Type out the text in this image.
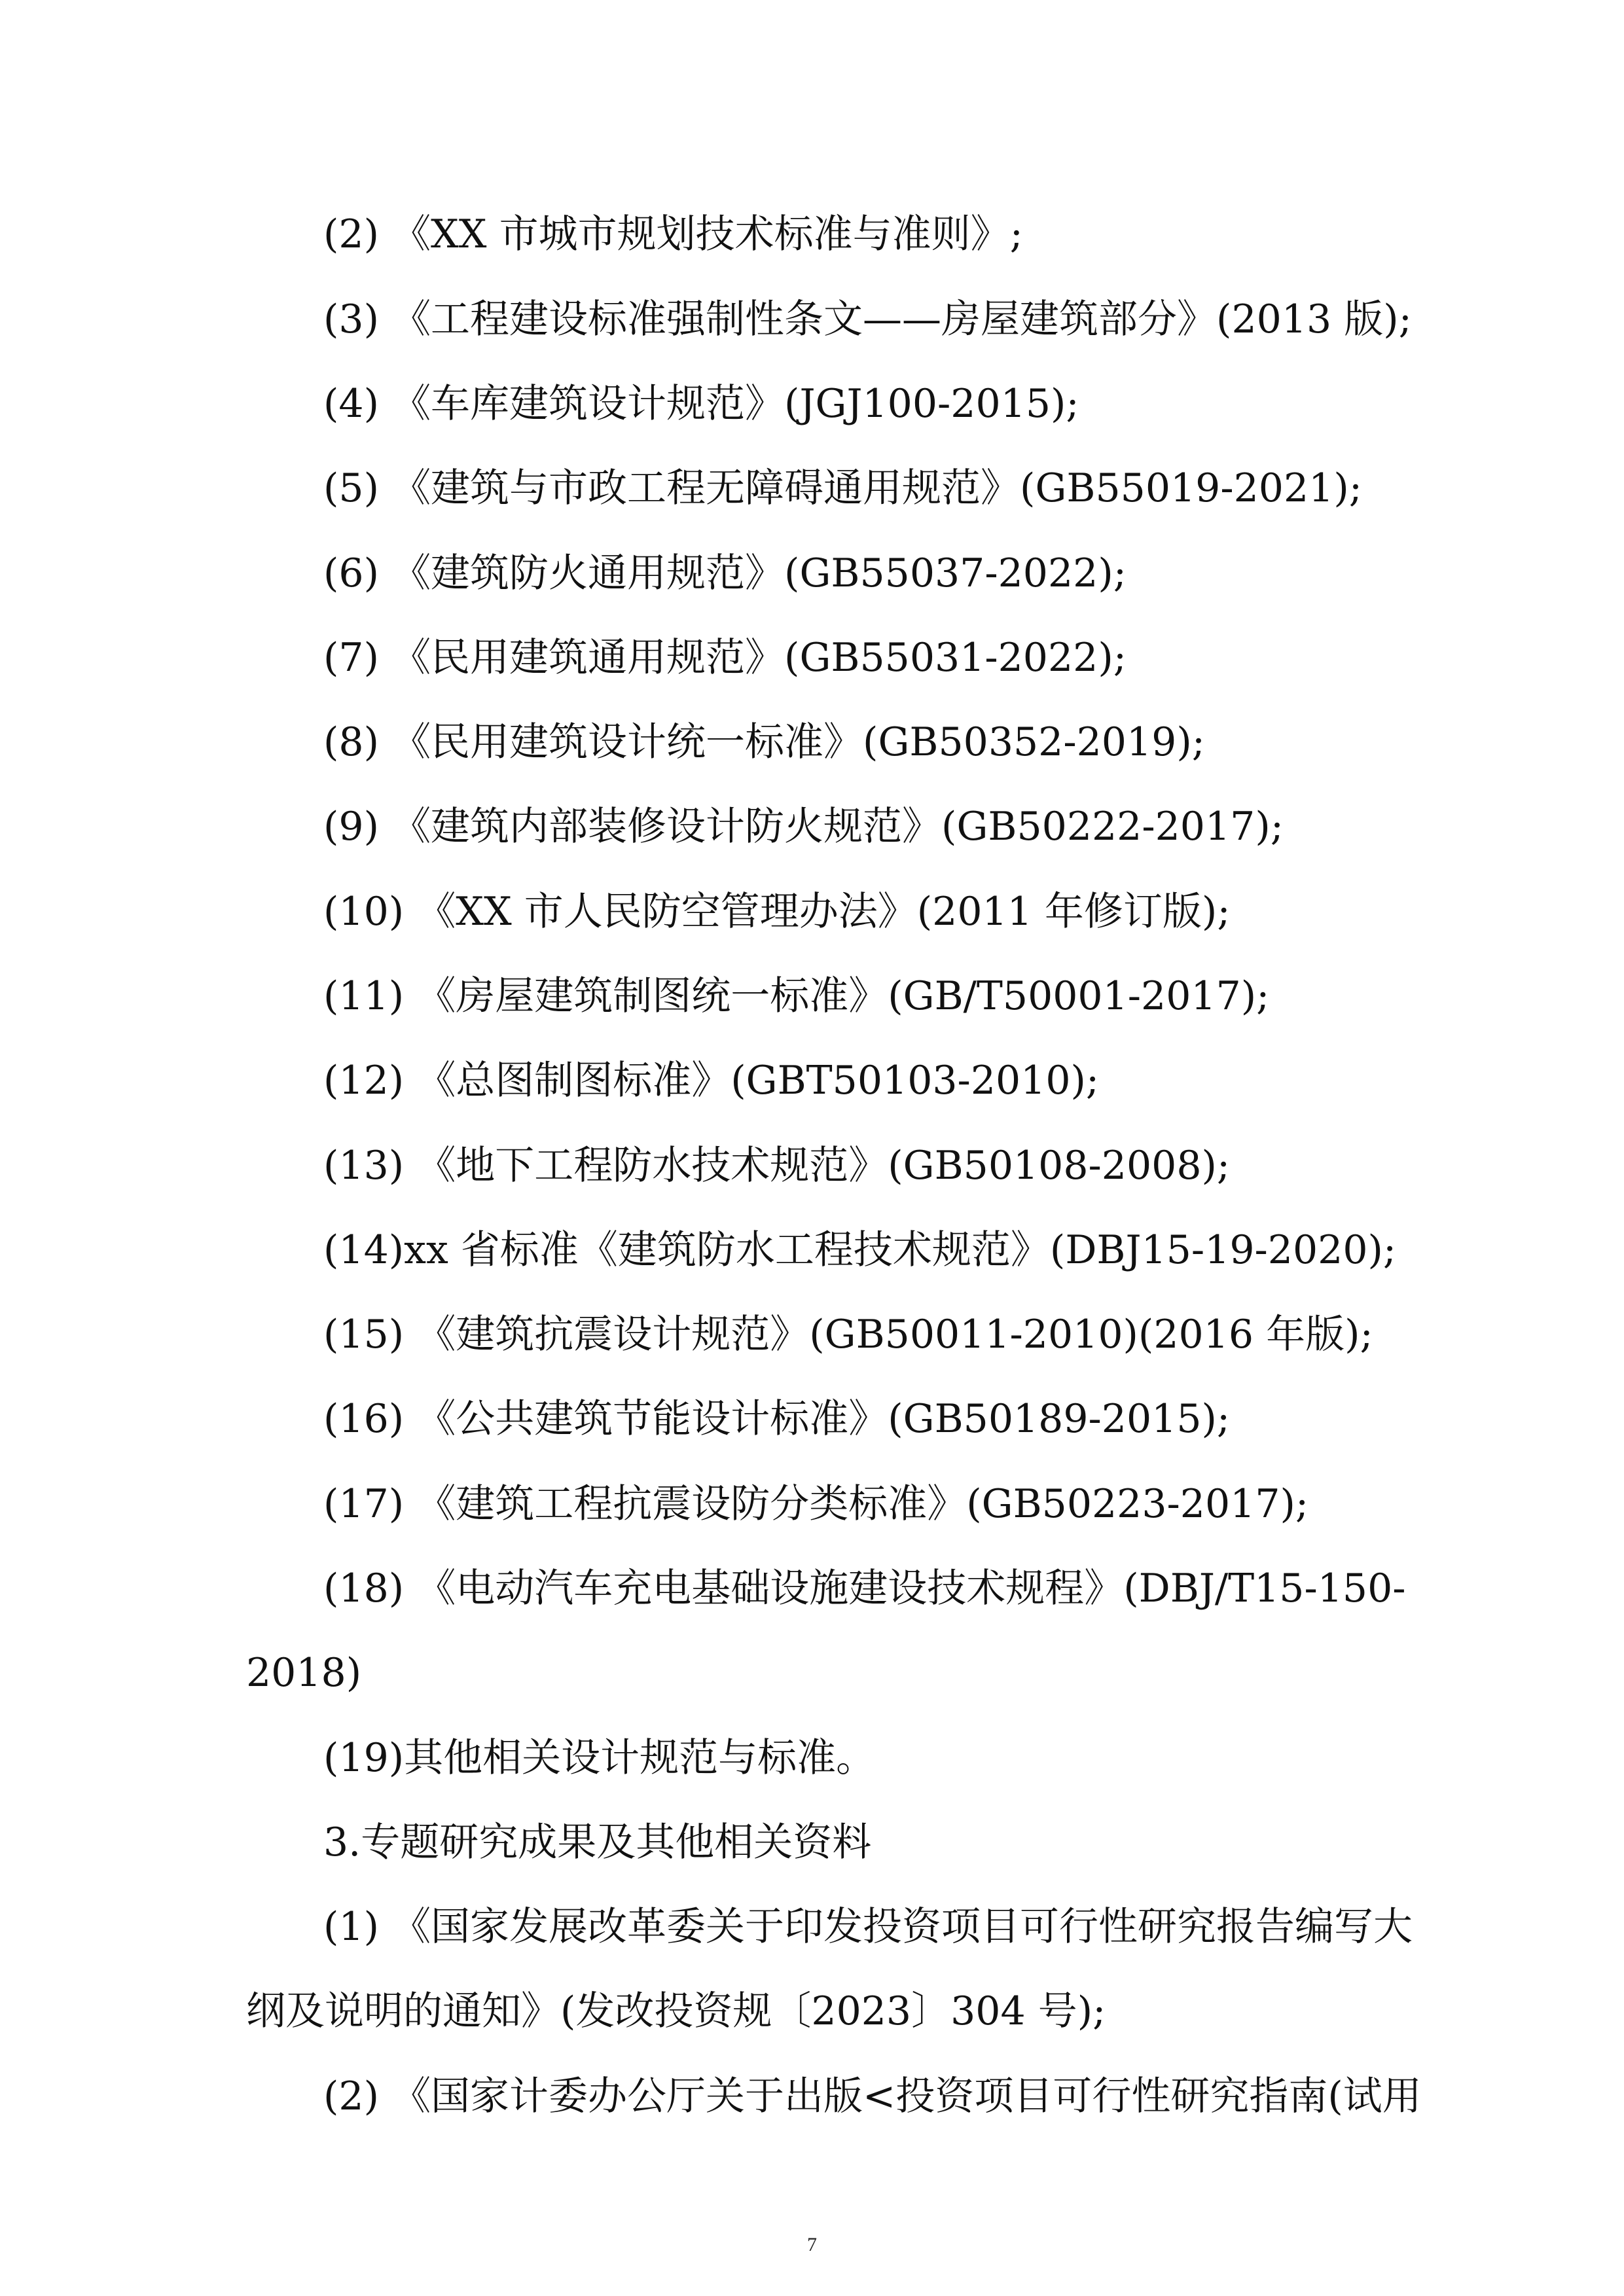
(2) 《XX 市城市规划技术标准与准则》;
(3) 《工程建设标准强制性条文——房屋建筑部分》(2013 版);
(4) 《车库建筑设计规范》(JGJ100-2015);
(5) 《建筑与市政工程无障碍通用规范》(GB55019-2021);
(6) 《建筑防火通用规范》(GB55037-2022);
(7) 《民用建筑通用规范》(GB55031-2022);
(8) 《民用建筑设计统一标准》(GB50352-2019);
(9) 《建筑内部装修设计防火规范》(GB50222-2017);
(10) 《XX 市人民防空管理办法》(2011 年修订版);
(11) 《房屋建筑制图统一标准》(GB/T50001-2017);
(12) 《总图制图标准》(GBT50103-2010);
(13) 《地下工程防水技术规范》(GB50108-2008);
(14)xx 省标准《建筑防水工程技术规范》(DBJ15-19-2020);
(15) 《建筑抗震设计规范》(GB50011-2010)(2016 年版);
(16) 《公共建筑节能设计标准》(GB50189-2015);
(17) 《建筑工程抗震设防分类标准》(GB50223-2017);
(18) 《电动汽车充电基础设施建设技术规程》(DBJ/T15-150-
2018)
(19)其他相关设计规范与标准。
3.专题研究成果及其他相关资料
(1) 《国家发展改革委关于印发投资项目可行性研究报告编写大
纲及说明的通知》(发改投资规〔2023〕304 号);
(2) 《国家计委办公厅关于出版<投资项目可行性研究指南(试用
7
